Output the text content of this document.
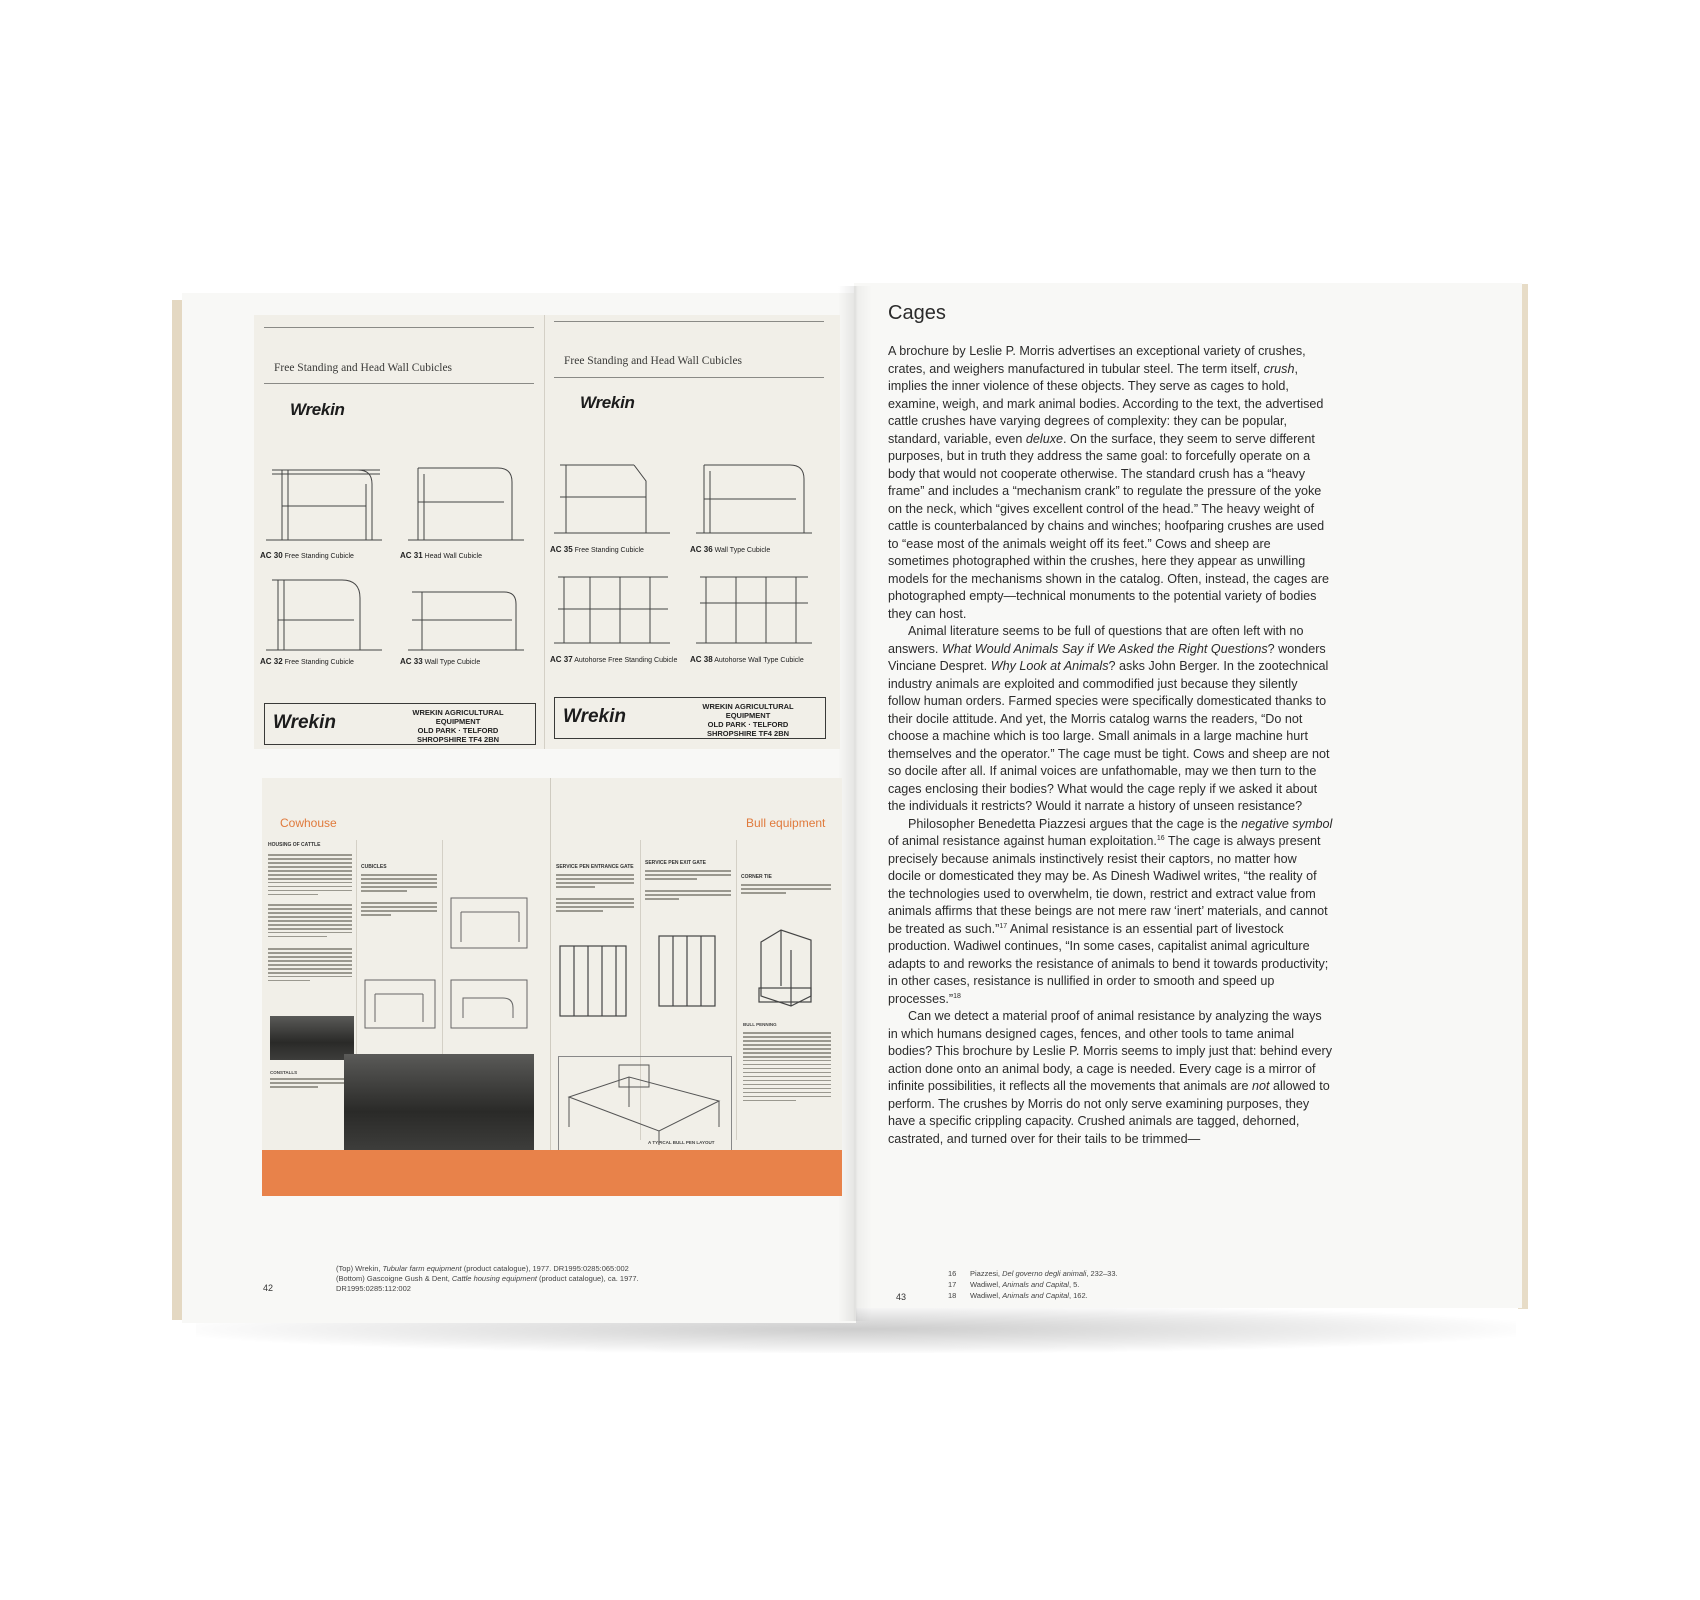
Free Standing and Head Wall Cubicles
Wrekin
AC 30 Free Standing Cubicle	AC 31 Head Wall Cubicle
AC 32 Free Standing Cubicle	AC 33 Wall Type Cubicle
Wrekin	WREKIN AGRICULTURAL EQUIPMENT
OLD PARK · TELFORD
SHROPSHIRE TF4 2BN
Free Standing and Head Wall Cubicles
Wrekin
AC 35 Free Standing Cubicle	AC 36 Wall Type Cubicle
AC 37 Autohorse Free Standing Cubicle AC 38 Autohorse Wall Type Cubicle
Wrekin	WREKIN AGRICULTURAL EQUIPMENT
OLD PARK · TELFORD
SHROPSHIRE TF4 2BN
Cowhouse	Bull equipment
HOUSING OF CATTLE
CONSTALLS
CUBICLES	SERVICE PEN ENTRANCE GATE
SERVICE PEN EXIT GATE
CORNER TIE
BULL PENNING
A TYPICAL BULL PEN LAYOUT
42
(Top) Wrekin, Tubular farm equipment (product catalogue), 1977. DR1995:0285:065:002
(Bottom) Gascoigne Gush & Dent, Cattle housing equipment (product catalogue), ca. 1977.
DR1995:0285:112:002
Cages

A brochure by Leslie P. Morris advertises an exceptional variety of crushes, crates, and weighers manufactured in tubular steel. The term itself, crush, implies the inner violence of these objects. They serve as cages to hold, examine, weigh, and mark animal bodies. According to the text, the advertised cattle crushes have varying degrees of complexity: they can be popular, standard, variable, even deluxe. On the surface, they seem to serve different purposes, but in truth they address the same goal: to forcefully operate on a body that would not cooperate otherwise. The standard crush has a “heavy frame” and includes a “mechanism crank” to regulate the pressure of the yoke on the neck, which “gives excellent control of the head.” The heavy weight of cattle is counterbalanced by chains and winches; hoofparing crushes are used to “ease most of the animals weight off its feet.” Cows and sheep are sometimes photographed within the crushes, here they appear as unwilling models for the mechanisms shown in the catalog. Often, instead, the cages are photographed empty—technical monuments to the potential variety of bodies they can host.

Animal literature seems to be full of questions that are often left with no answers. What Would Animals Say if We Asked the Right Questions? wonders Vinciane Despret. Why Look at Animals? asks John Berger. In the zootechnical industry animals are exploited and commodified just because they silently follow human orders. Farmed species were specifically domesticated thanks to their docile attitude. And yet, the Morris catalog warns the readers, “Do not choose a machine which is too large. Small animals in a large machine hurt themselves and the operator.” The cage must be tight. Cows and sheep are not so docile after all. If animal voices are unfathomable, may we then turn to the cages enclosing their bodies? What would the cage reply if we asked it about the individuals it restricts? Would it narrate a history of unseen resistance?

Philosopher Benedetta Piazzesi argues that the cage is the negative symbol of animal resistance against human exploitation.$^{16}$ The cage is always present precisely because animals instinctively resist their captors, no matter how docile or domesticated they may be. As Dinesh Wadiwel writes, “the reality of the technologies used to overwhelm, tie down, restrict and extract value from animals affirms that these beings are not mere raw ‘inert’ materials, and cannot be treated as such.”$^{17}$ Animal resistance is an essential part of livestock production. Wadiwel continues, “In some cases, capitalist animal agriculture adapts to and reworks the resistance of animals to bend it towards productivity; in other cases, resistance is nullified in order to smooth and speed up processes.”$^{18}$

Can we detect a material proof of animal resistance by analyzing the ways in which humans designed cages, fences, and other tools to tame animal bodies? This brochure by Leslie P. Morris seems to imply just that: behind every action done onto an animal body, a cage is needed. Every cage is a mirror of infinite possibilities, it reflects all the movements that animals are not allowed to perform. The crushes by Morris do not only serve examining purposes, they have a specific crippling capacity. Crushed animals are tagged, dehorned, castrated, and turned over for their tails to be trimmed—

43
16 Piazzesi, Del governo degli animali, 232–33.
17 Wadiwel, Animals and Capital, 5.
18 Wadiwel, Animals and Capital, 162.
